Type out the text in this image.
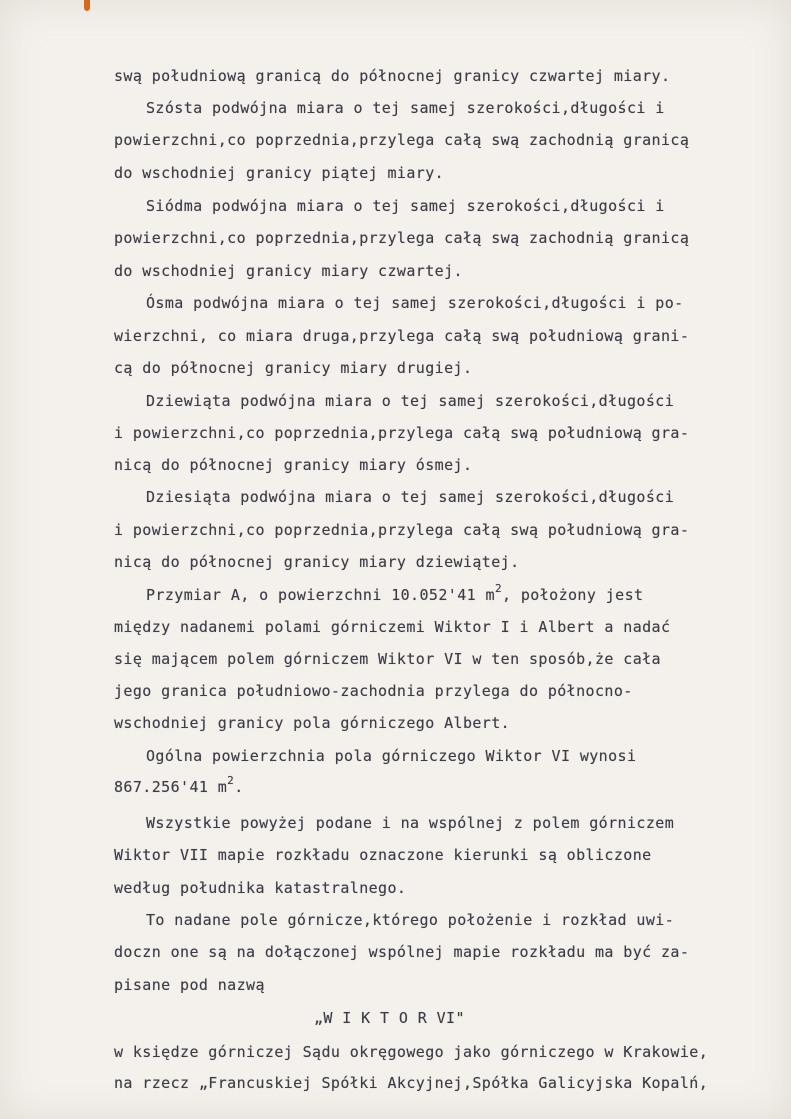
swą południową granicą do północnej granicy czwartej miary.
Szósta podwójna miara o tej samej szerokości,długości i
powierzchni,co poprzednia,przylega całą swą zachodnią granicą
do wschodniej granicy piątej miary.
Siódma podwójna miara o tej samej szerokości,długości i
powierzchni,co poprzednia,przylega całą swą zachodnią granicą
do wschodniej granicy miary czwartej.
Ósma podwójna miara o tej samej szerokości,długości i po-
wierzchni, co miara druga,przylega całą swą południową grani-
cą do północnej granicy miary drugiej.
Dziewiąta podwójna miara o tej samej szerokości,długości
i powierzchni,co poprzednia,przylega całą swą południową gra-
nicą do północnej granicy miary ósmej.
Dziesiąta podwójna miara o tej samej szerokości,długości
i powierzchni,co poprzednia,przylega całą swą południową gra-
nicą do północnej granicy miary dziewiątej.
Przymiar A, o powierzchni 10.052'41 $m^2$, położony jest
między nadanemi polami górniczemi Wiktor I i Albert a nadać
się mającem polem górniczem Wiktor VI w ten sposób,że cała
jego granica południowo-zachodnia przylega do północno-
wschodniej granicy pola górniczego Albert.
Ogólna powierzchnia pola górniczego Wiktor VI wynosi
867.256'41 $m^2$.
Wszystkie powyżej podane i na wspólnej z polem górniczem
Wiktor VII mapie rozkładu oznaczone kierunki są obliczone
według południka katastralnego.
To nadane pole górnicze,którego położenie i rozkład uwi-
doczn one są na dołączonej wspólnej mapie rozkładu ma być za-
pisane pod nazwą
„W I K T O R VI"
w księdze górniczej Sądu okręgowego jako górniczego w Krakowie,
na rzecz „Francuskiej Spółki Akcyjnej,Spółka Galicyjska Kopalń,
